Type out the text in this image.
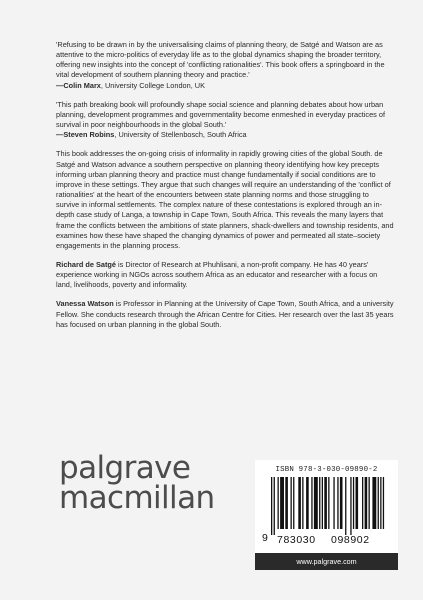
'Refusing to be drawn in by the universalising claims of planning theory, de Satgé and Watson are as attentive to the micro-politics of everyday life as to the global dynamics shaping the broader territory, offering new insights into the concept of 'conflicting rationalities'. This book offers a springboard in the vital development of southern planning theory and practice.'
—Colin Marx, University College London, UK

'This path breaking book will profoundly shape social science and planning debates about how urban planning, development programmes and governmentality become enmeshed in everyday practices of survival in poor neighbourhoods in the global South.'
—Steven Robins, University of Stellenbosch, South Africa

This book addresses the on-going crisis of informality in rapidly growing cities of the global South. de Satgé and Watson advance a southern perspective on planning theory identifying how key precepts informing urban planning theory and practice must change fundamentally if social conditions are to improve in these settings. They argue that such changes will require an understanding of the 'conflict of rationalities' at the heart of the encounters between state planning norms and those struggling to survive in informal settlements. The complex nature of these contestations is explored through an in-depth case study of Langa, a township in Cape Town, South Africa. This reveals the many layers that frame the conflicts between the ambitions of state planners, shack-dwellers and township residents, and examines how these have shaped the changing dynamics of power and permeated all state–society engagements in the planning process.

Richard de Satgé is Director of Research at Phuhlisani, a non-profit company. He has 40 years' experience working in NGOs across southern Africa as an educator and researcher with a focus on land, livelihoods, poverty and informality.

Vanessa Watson is Professor in Planning at the University of Cape Town, South Africa, and a university Fellow. She conducts research through the African Centre for Cities. Her research over the last 35 years has focused on urban planning in the global South.

palgrave
macmillan
ISBN 978-3-030-09890-2
9 783030 098902
www.palgrave.com
